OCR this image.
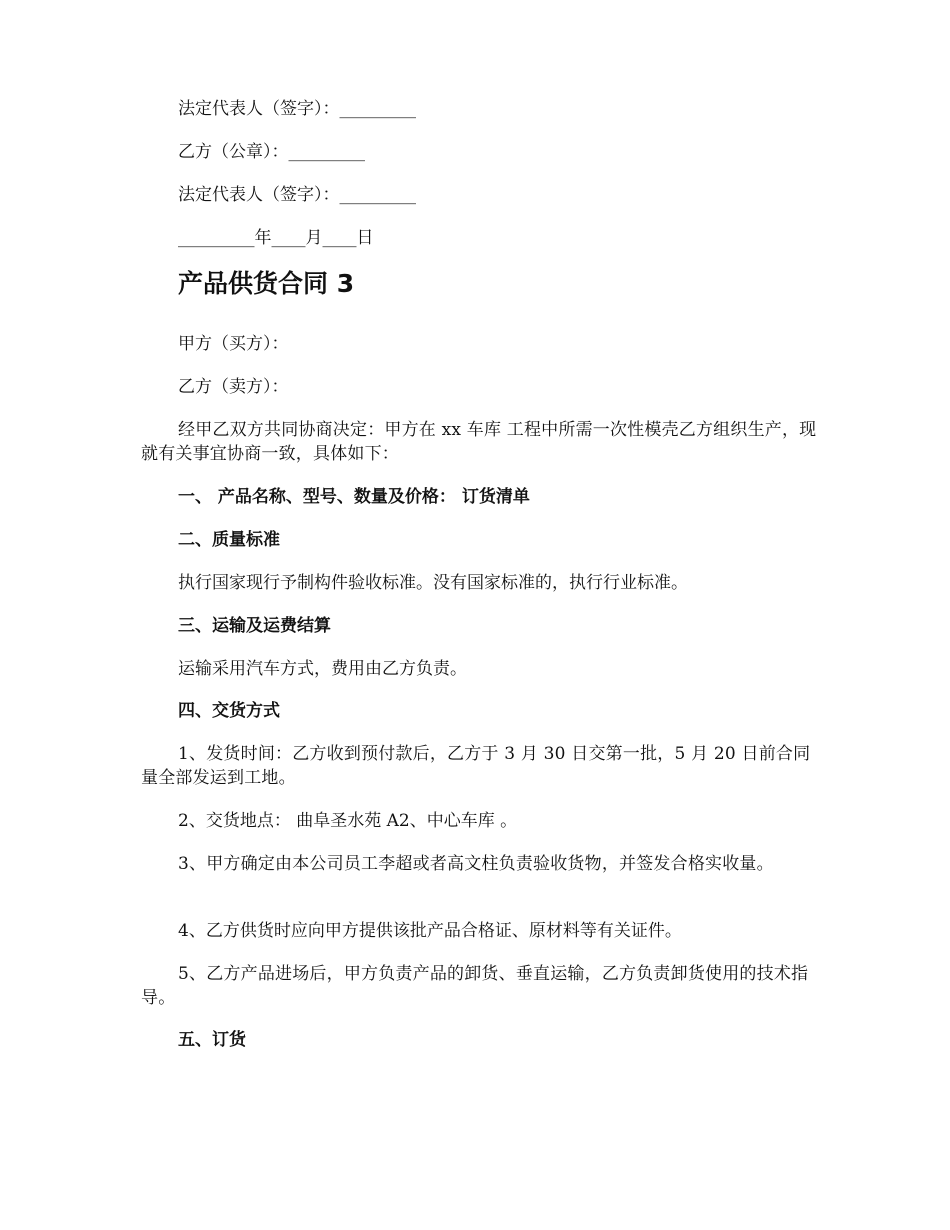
法定代表人（签字）：_________
乙方（公章）：_________
法定代表人（签字）：_________
_________年____月____日
产品供货合同 3
甲方（买方）：
乙方（卖方）：
经甲乙双方共同协商决定：甲方在 xx 车库 工程中所需一次性模壳乙方组织生产，现就有关事宜协商一致，具体如下：
一、 产品名称、型号、数量及价格： 订货清单
二、质量标准
执行国家现行予制构件验收标准。没有国家标准的，执行行业标准。
三、运输及运费结算
运输采用汽车方式，费用由乙方负责。
四、交货方式
1、发货时间：乙方收到预付款后，乙方于 3 月 30 日交第一批，5 月 20 日前合同量全部发运到工地。
2、交货地点： 曲阜圣水苑 A2、中心车库 。
3、甲方确定由本公司员工李超或者高文柱负责验收货物，并签发合格实收量。
4、乙方供货时应向甲方提供该批产品合格证、原材料等有关证件。
5、乙方产品进场后，甲方负责产品的卸货、垂直运输，乙方负责卸货使用的技术指导。
五、订货
